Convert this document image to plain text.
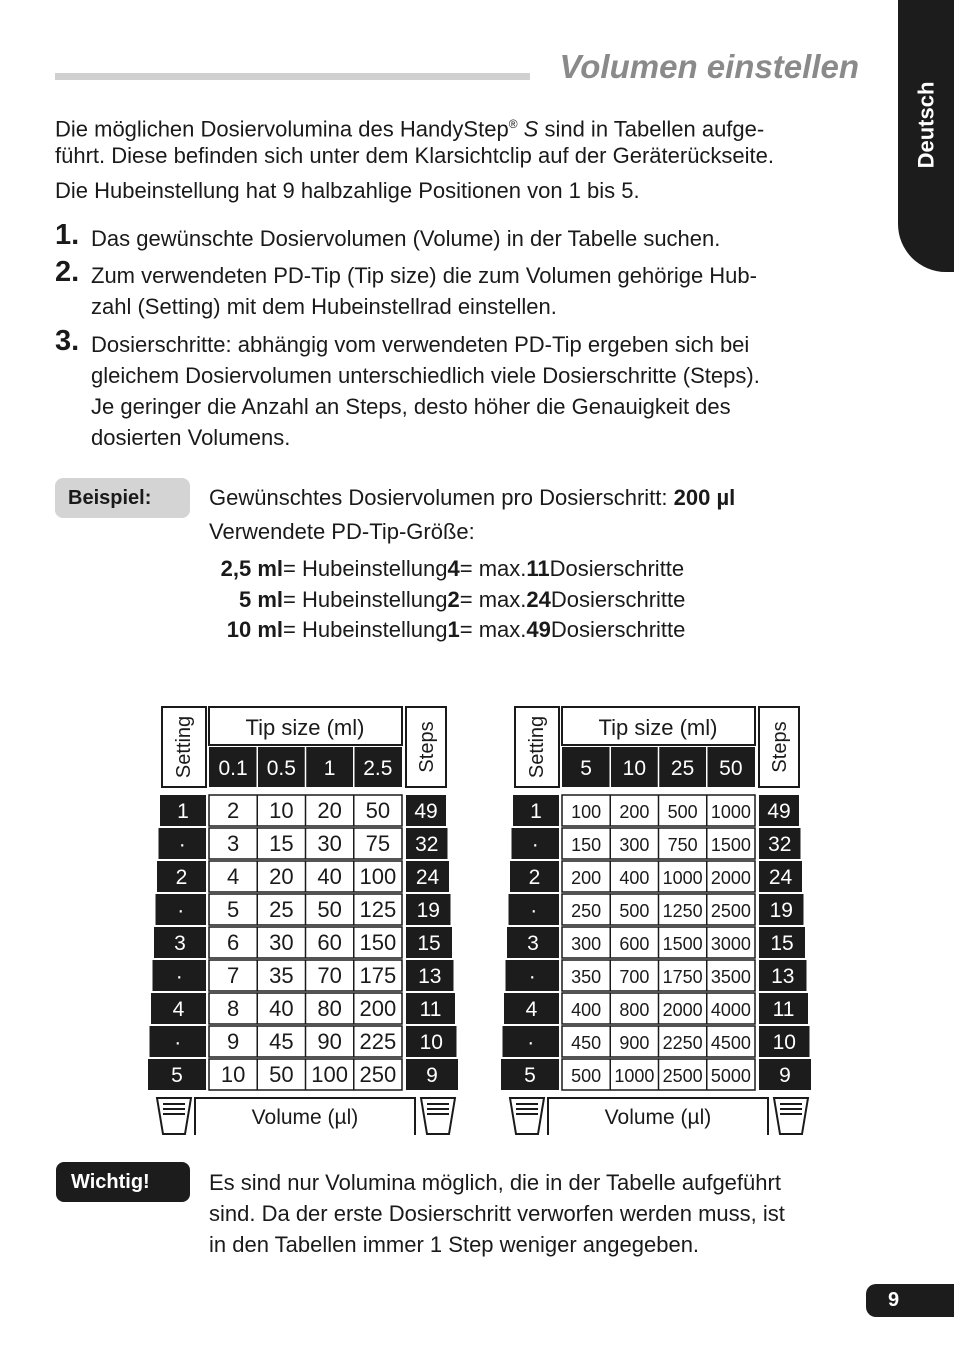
Volumen einstellen
Deutsch
Die möglichen Dosiervolumina des HandyStep® S sind in Tabellen aufge-
führt. Diese befinden sich unter dem Klarsichtclip auf der Geräterückseite.
Die Hubeinstellung hat 9 halbzahlige Positionen von 1 bis 5.
1. Das gewünschte Dosiervolumen (Volume) in der Tabelle suchen.
2. Zum verwendeten PD-Tip (Tip size) die zum Volumen gehörige Hub-
zahl (Setting) mit dem Hubeinstellrad einstellen.
3. Dosierschritte: abhängig vom verwendeten PD-Tip ergeben sich bei
gleichem Dosiervolumen unterschiedlich viele Dosierschritte (Steps).
Je geringer die Anzahl an Steps, desto höher die Genauigkeit des
dosierten Volumens.
Beispiel:	Gewünschtes Dosiervolumen pro Dosierschritt: 200 µl
Verwendete PD-Tip-Größe:
2,5 ml = Hubeinstellung 4 = max. 11 Dosierschritte
5 ml = Hubeinstellung 2 = max. 24 Dosierschritte
10 ml = Hubeinstellung 1 = max. 49 Dosierschritte
Setting Tip size (ml)
0.1 0.5 1 2.5 Steps
1 2 10 20 50 49
· 3 15 30 75 32
2 4 20 40 100 24
· 5 25 50 125 19
3 6 30 60 150 15
· 7 35 70 175 13
4 8 40 80 200 11
· 9 45 90 225 10
5 10 50 100 250 9
Volume (µl)
Setting Tip size (ml)
5 10 25 50 Steps
1 100 200 500 1000 49
· 150 300 750 1500 32
2 200 400 1000 2000 24
· 250 500 1250 2500 19
3 300 600 1500 3000 15
· 350 700 1750 3500 13
4 400 800 2000 4000 11
· 450 900 2250 4500 10
5 500 1000 2500 5000 9
Volume (µl)
Wichtig!	Es sind nur Volumina möglich, die in der Tabelle aufgeführt
sind. Da der erste Dosierschritt verworfen werden muss, ist
in den Tabellen immer 1 Step weniger angegeben.
9
